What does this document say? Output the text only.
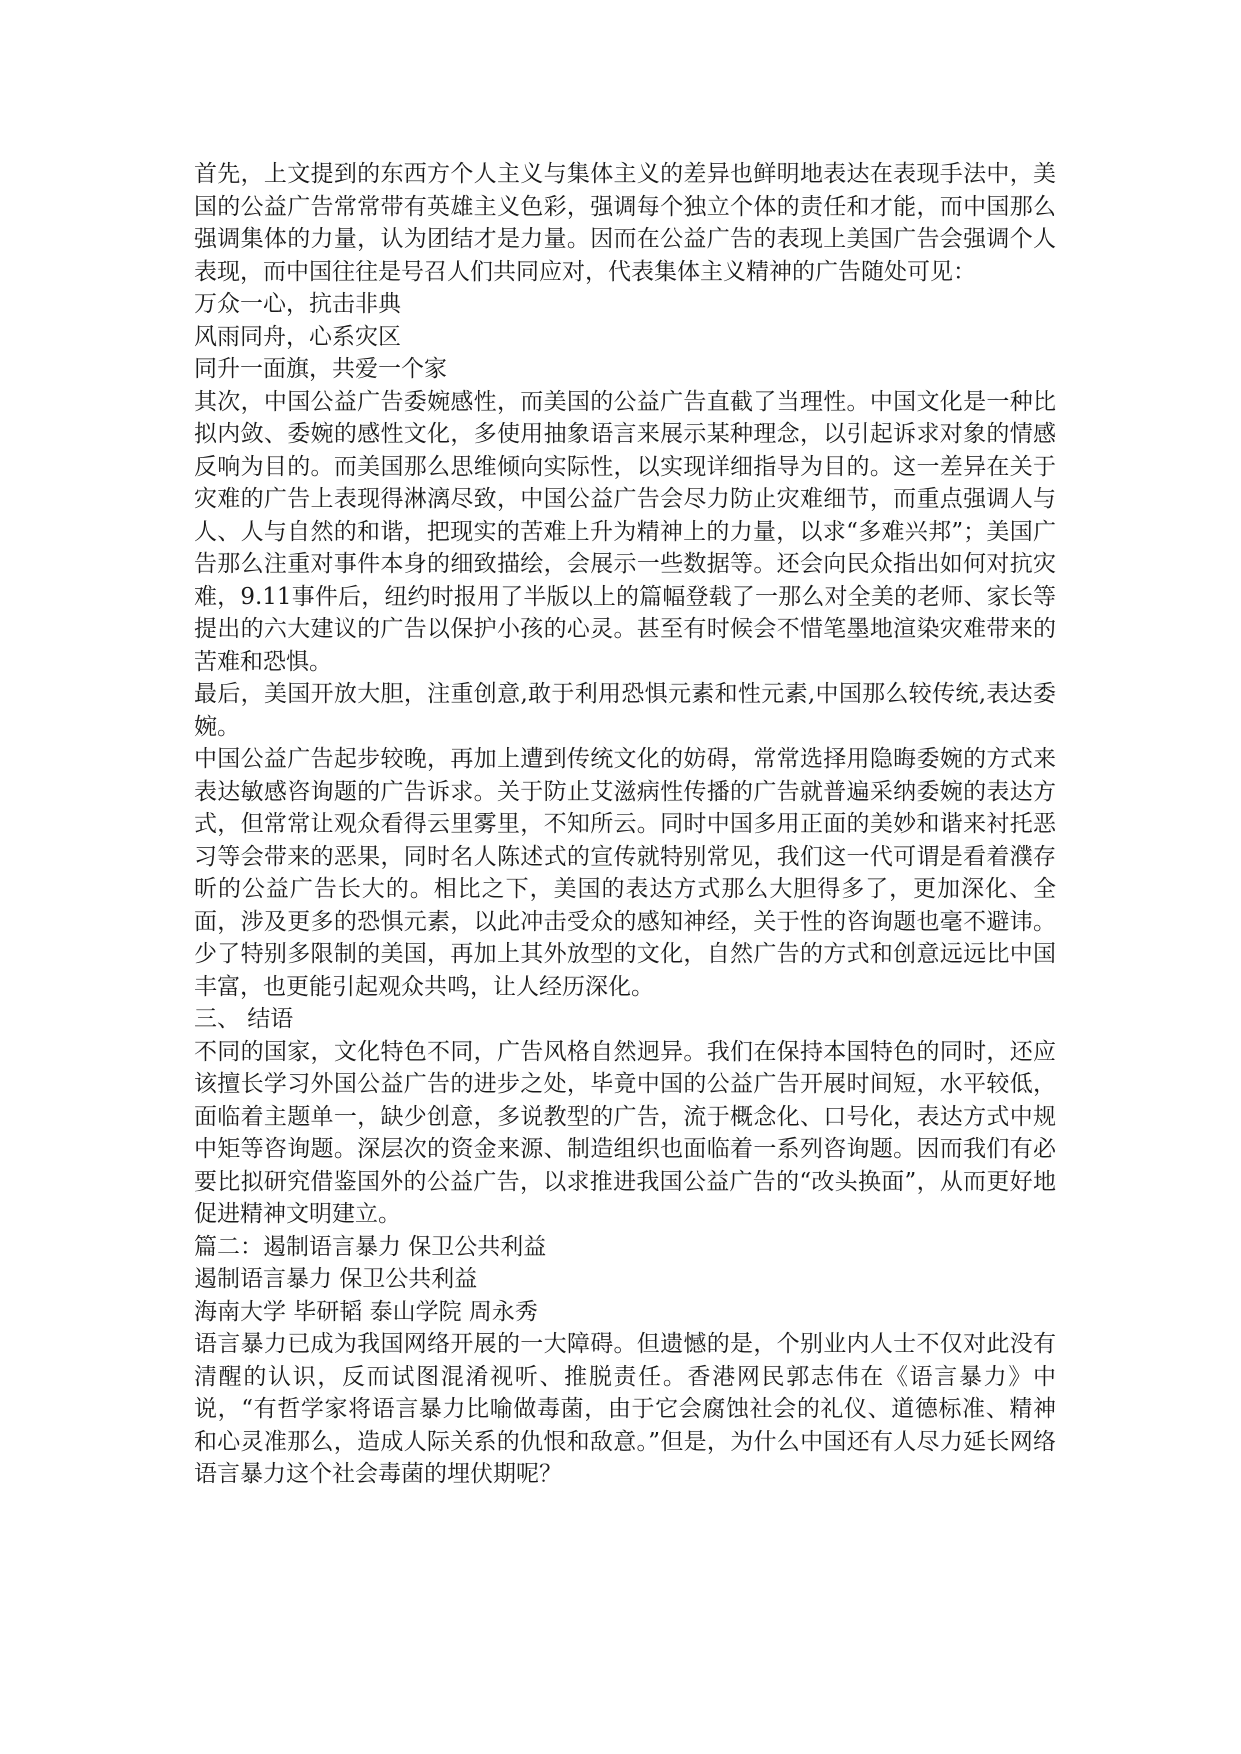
首先，上文提到的东西方个人主义与集体主义的差异也鲜明地表达在表现手法中，美国的公益广告常常带有英雄主义色彩，强调每个独立个体的责任和才能，而中国那么强调集体的力量，认为团结才是力量。因而在公益广告的表现上美国广告会强调个人表现，而中国往往是号召人们共同应对，代表集体主义精神的广告随处可见：

万众一心，抗击非典

风雨同舟，心系灾区

同升一面旗，共爱一个家

其次，中国公益广告委婉感性，而美国的公益广告直截了当理性。中国文化是一种比拟内敛、委婉的感性文化，多使用抽象语言来展示某种理念，以引起诉求对象的情感反响为目的。而美国那么思维倾向实际性，以实现详细指导为目的。这一差异在关于灾难的广告上表现得淋漓尽致，中国公益广告会尽力防止灾难细节，而重点强调人与人、人与自然的和谐，把现实的苦难上升为精神上的力量，以求“多难兴邦”；美国广告那么注重对事件本身的细致描绘，会展示一些数据等。还会向民众指出如何对抗灾难，9.11事件后，纽约时报用了半版以上的篇幅登载了一那么对全美的老师、家长等提出的六大建议的广告以保护小孩的心灵。甚至有时候会不惜笔墨地渲染灾难带来的苦难和恐惧。

最后，美国开放大胆，注重创意,敢于利用恐惧元素和性元素,中国那么较传统,表达委婉。

中国公益广告起步较晚，再加上遭到传统文化的妨碍，常常选择用隐晦委婉的方式来表达敏感咨询题的广告诉求。关于防止艾滋病性传播的广告就普遍采纳委婉的表达方式，但常常让观众看得云里雾里，不知所云。同时中国多用正面的美妙和谐来衬托恶习等会带来的恶果，同时名人陈述式的宣传就特别常见，我们这一代可谓是看着濮存昕的公益广告长大的。相比之下，美国的表达方式那么大胆得多了，更加深化、全面，涉及更多的恐惧元素，以此冲击受众的感知神经，关于性的咨询题也毫不避讳。少了特别多限制的美国，再加上其外放型的文化，自然广告的方式和创意远远比中国丰富，也更能引起观众共鸣，让人经历深化。

三、 结语

不同的国家，文化特色不同，广告风格自然迥异。我们在保持本国特色的同时，还应该擅长学习外国公益广告的进步之处，毕竟中国的公益广告开展时间短，水平较低，面临着主题单一，缺少创意，多说教型的广告，流于概念化、口号化，表达方式中规中矩等咨询题。深层次的资金来源、制造组织也面临着一系列咨询题。因而我们有必要比拟研究借鉴国外的公益广告，以求推进我国公益广告的“改头换面”，从而更好地促进精神文明建立。

篇二：遏制语言暴力 保卫公共利益

遏制语言暴力 保卫公共利益

海南大学 毕研韬 泰山学院 周永秀

语言暴力已成为我国网络开展的一大障碍。但遗憾的是，个别业内人士不仅对此没有清醒的认识，反而试图混淆视听、推脱责任。香港网民郭志伟在《语言暴力》中说，“有哲学家将语言暴力比喻做毒菌，由于它会腐蚀社会的礼仪、道德标准、精神和心灵准那么，造成人际关系的仇恨和敌意。”但是，为什么中国还有人尽力延长网络语言暴力这个社会毒菌的埋伏期呢？
